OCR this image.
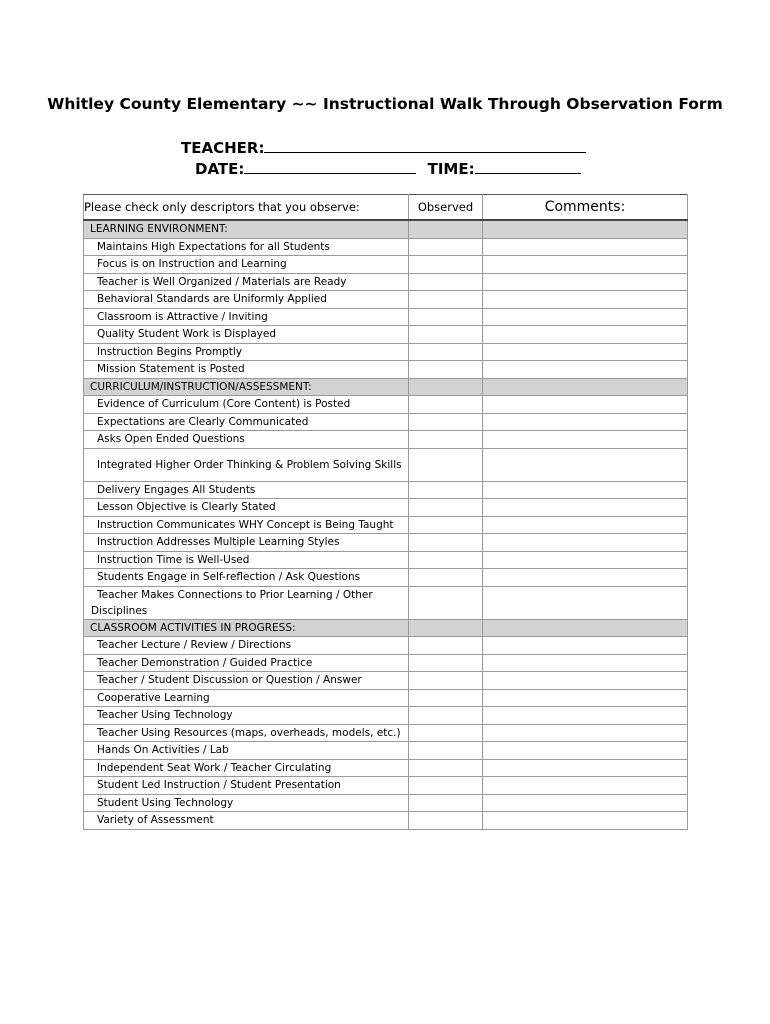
Whitley County Elementary ~~ Instructional Walk Through Observation Form
TEACHER:
DATE:	TIME:
Please check only descriptors that you observe:	Observed	Comments:
LEARNING ENVIRONMENT:		
Maintains High Expectations for all Students		
Focus is on Instruction and Learning		
Teacher is Well Organized / Materials are Ready		
Behavioral Standards are Uniformly Applied		
Classroom is Attractive / Inviting		
Quality Student Work is Displayed		
Instruction Begins Promptly		
Mission Statement is Posted		
CURRICULUM/INSTRUCTION/ASSESSMENT:		
Evidence of Curriculum (Core Content) is Posted		
Expectations are Clearly Communicated		
Asks Open Ended Questions		
Integrated Higher Order Thinking & Problem Solving Skills		
Delivery Engages All Students		
Lesson Objective is Clearly Stated		
Instruction Communicates WHY Concept is Being Taught		
Instruction Addresses Multiple Learning Styles		
Instruction Time is Well-Used		
Students Engage in Self-reflection / Ask Questions		
Teacher Makes Connections to Prior Learning / Other Disciplines		
CLASSROOM ACTIVITIES IN PROGRESS:		
Teacher Lecture / Review / Directions		
Teacher Demonstration / Guided Practice		
Teacher / Student Discussion or Question / Answer		
Cooperative Learning		
Teacher Using Technology		
Teacher Using Resources (maps, overheads, models, etc.)		
Hands On Activities / Lab		
Independent Seat Work / Teacher Circulating		
Student Led Instruction / Student Presentation		
Student Using Technology		
Variety of Assessment		
